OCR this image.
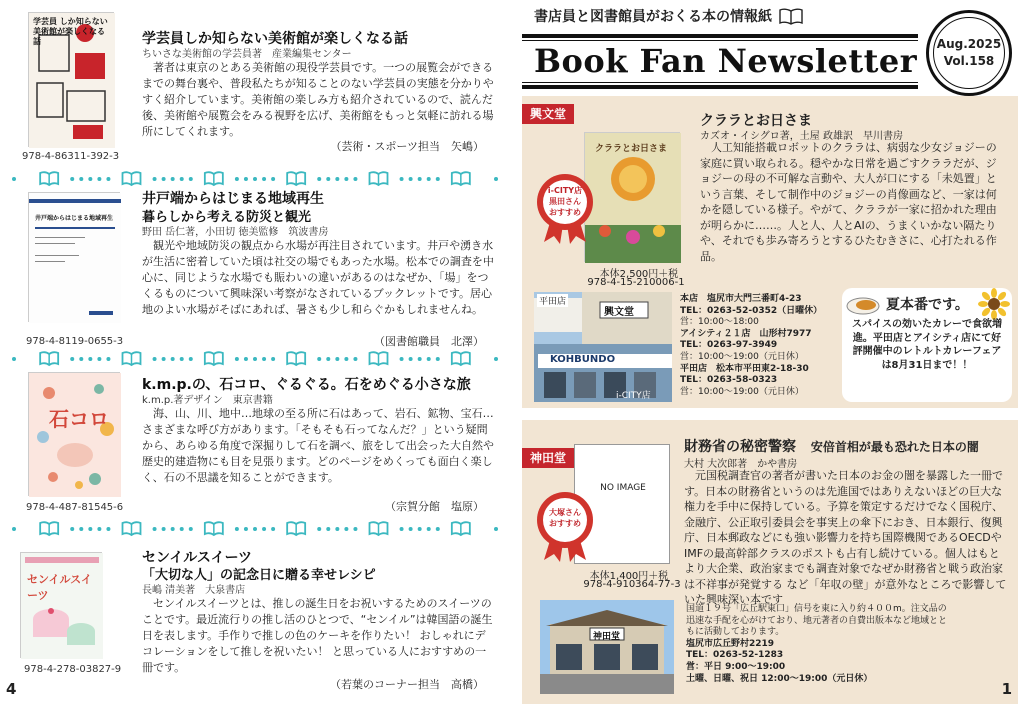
学芸員 しか知らない 美術館が楽しくなる話
978-4-86311-392-3
学芸員しか知らない美術館が楽しくなる話
ちいさな美術館の学芸員著　産業編集センター
著者は東京のとある美術館の現役学芸員です。一つの展覧会ができるまでの舞台裏や、普段私たちが知ることのない学芸員の実態を分かりやすく紹介しています。美術館の楽しみ方も紹介されているので、読んだ後、美術館や展覧会をみる視野を広げ、美術館をもっと気軽に訪れる場所にしてくれます。
（芸術・スポーツ担当　矢嶋）
井戸端からはじまる地域再生
978-4-8119-0655-3
井戸端からはじまる地域再生
暮らしから考える防災と観光
野田 岳仁著，小田切 徳美監修　筑波書房
観光や地域防災の観点から水場が再注目されています。井戸や湧き水が生活に密着していた頃は社交の場でもあった水場。松本での調査を中心に、同じような水場でも賑わいの違いがあるのはなぜか、「場」をつくるものについて興味深い考察がなされているブックレットです。居心地のよい水場がそばにあれば、暑さも少し和らぐかもしれませんね。
（図書館職員　北澤）
石コロ
978-4-487-81545-6
k.m.p.の、石コロ、ぐるぐる。石をめぐる小さな旅
k.m.p.著デザイン　東京書籍
海、山、川、地中…地球の至る所に石はあって、岩石、鉱物、宝石…さまざまな呼び方があります。「そもそも石ってなんだ？」という疑問から、あらゆる角度で深掘りして石を調べ、旅をして出会った大自然や歴史的建造物にも目を見張ります。どのページをめくっても面白く楽しく、石の不思議を知ることができます。
（宗賀分館　塩原）
センイルスイーツ
978-4-278-03827-9
センイルスイーツ
「大切な人」の記念日に贈る幸せレシピ
長嶋 清美著　大泉書店
センイルスイーツとは、推しの誕生日をお祝いするためのスイーツのことです。最近流行りの推し活のひとつで、“センイル”は韓国語の誕生日を表します。手作りで推しの色のケーキを作りたい！ おしゃれにデコレーションをして推しを祝いたい！ と思っている人におすすめの一冊です。
（若葉のコーナー担当　高橋）
4
書店員と図書館員がおくる本の情報紙
Book Fan Newsletter	Aug.2025
Vol.158
興文堂
クララとお日さま
i-CITY店 黒田さん おすすめ
本体2,500円＋税
978-4-15-210006-1
クララとお日さま
カズオ・イシグロ著，土屋 政雄訳　早川書房
人工知能搭載ロボットのクララは、病弱な少女ジョジーの家庭に買い取られる。穏やかな日常を過ごすクララだが、ジョジーの母の不可解な言動や、大人が口にする「未処置」という言葉、そして制作中のジョジーの肖像画など、一家は何かを隠している様子。やがて、クララが一家に招かれた理由が明らかに……。人と人、人とAIの、うまくいかない隔たりや、それでも歩み寄ろうとするひたむきさに、心打たれる作品。
平田店
興文堂
KOHBUNDO
i-CITY店
本店　塩尻市大門三番町4-23
TEL：0263-52-0352（日曜休）
営：10:00～18:00
アイシティ２１店　山形村7977
TEL：0263-97-3949
営：10:00～19:00（元日休）
平田店　松本市平田東2-18-30
TEL：0263-58-0323
営：10:00～19:00（元日休）
夏本番です。
スパイスの効いたカレーで食欲増進。平田店とアイシティ店にて好評開催中のレトルトカレーフェアは8月31日まで！！
神田堂
NO IMAGE
大塚さん おすすめ
本体1,400円＋税
978-4-910364-77-3
財務省の秘密警察 安倍首相が最も恐れた日本の闇
大村 大次郎著　かや書房
元国税調査官の著者が書いた日本のお金の闇を暴露した一冊です。日本の財務省というのは先進国ではありえないほどの巨大な権力を手中に保持している。予算を策定するだけでなく国税庁、金融庁、公正取引委員会を事実上の傘下におき、日本銀行、復興庁、日本郵政などにも強い影響力を持ち国際機関であるOECDやIMFの最高幹部クラスのポストも占有し続けている。個人はもとより大企業、政治家までも調査対象でなぜか財務省と戦う政治家は不祥事が発覚する など「年収の壁」が意外なところで影響していた興味深い本です
神田堂
国道１９号「広丘駅東口」信号を東に入り約４００m。注文品の
迅速な手配を心がけており、地元著者の自費出版本など地域とと
もに活動しております。
塩尻市広丘野村2219
TEL：0263-52-1283
営：平日 9:00～19:00
土曜、日曜、祝日 12:00～19:00（元日休）
1
